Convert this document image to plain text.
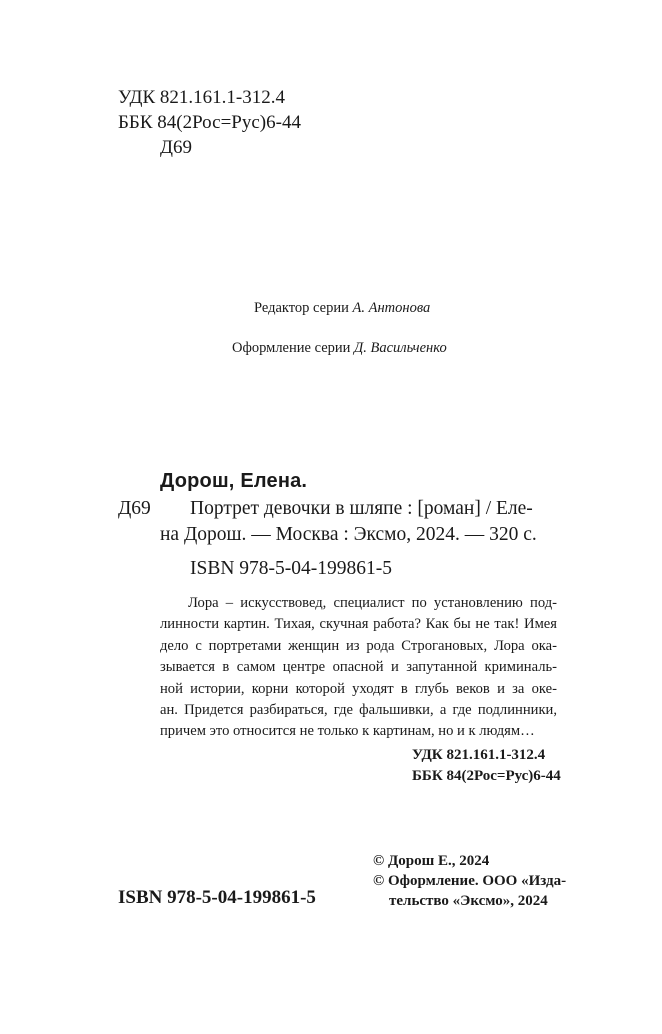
УДК 821.161.1-312.4
ББК 84(2Рос=Рус)6-44
Д69
Редактор серии А. Антонова
Оформление серии Д. Васильченко
Дорош, Елена.
Д69 Портрет девочки в шляпе : [роман] / Еле-
на Дорош. — Москва : Эксмо, 2024. — 320 с.
ISBN 978-5-04-199861-5
Лора – искусствовед, специалист по установлению под-
линности картин. Тихая, скучная работа? Как бы не так! Имея
дело с портретами женщин из рода Строгановых, Лора ока-
зывается в самом центре опасной и запутанной криминаль-
ной истории, корни которой уходят в глубь веков и за оке-
ан. Придется разбираться, где фальшивки, а где подлинники,
причем это относится не только к картинам, но и к людям…
УДК 821.161.1-312.4
ББК 84(2Рос=Рус)6-44
© Дорош Е., 2024
© Оформление. ООО «Изда-
тельство «Эксмо», 2024
ISBN 978-5-04-199861-5
